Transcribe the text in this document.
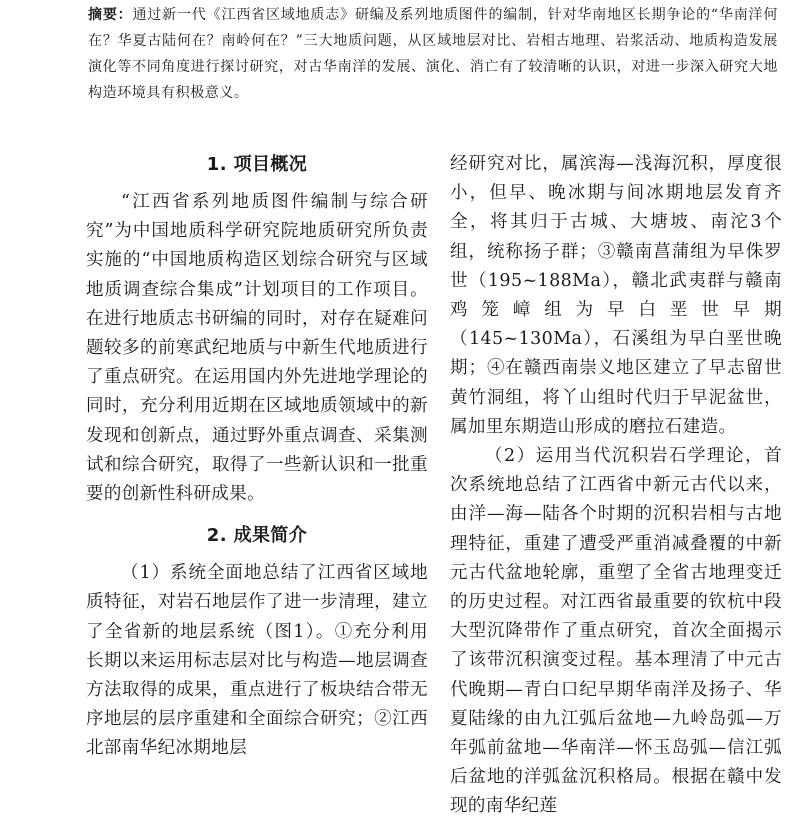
摘要：通过新一代《江西省区域地质志》研编及系列地质图件的编制，针对华南地区长期争论的“华南洋何在？华夏古陆何在？南岭何在？”三大地质问题，从区域地层对比、岩相古地理、岩浆活动、地质构造发展演化等不同角度进行探讨研究，对古华南洋的发展、演化、消亡有了较清晰的认识，对进一步深入研究大地构造环境具有积极意义。
1. 项目概况

“江西省系列地质图件编制与综合研究”为中国地质科学研究院地质研究所负责实施的“中国地质构造区划综合研究与区域地质调查综合集成”计划项目的工作项目。在进行地质志书研编的同时，对存在疑难问题较多的前寒武纪地质与中新生代地质进行了重点研究。在运用国内外先进地学理论的同时，充分利用近期在区域地质领域中的新发现和创新点，通过野外重点调查、采集测试和综合研究，取得了一些新认识和一批重要的创新性科研成果。

2. 成果简介

（1）系统全面地总结了江西省区域地质特征，对岩石地层作了进一步清理，建立了全省新的地层系统（图1）。①充分利用长期以来运用标志层对比与构造—地层调查方法取得的成果，重点进行了板块结合带无序地层的层序重建和全面综合研究；②江西北部南华纪冰期地层

经研究对比，属滨海—浅海沉积，厚度很小，但早、晚冰期与间冰期地层发育齐全，将其归于古城、大塘坡、南沱3个组，统称扬子群；③赣南菖蒲组为早侏罗世（195~188Ma），赣北武夷群与赣南鸡笼嶂组为早白垩世早期（145~130Ma），石溪组为早白垩世晚期；④在赣西南崇义地区建立了早志留世黄竹洞组，将丫山组时代归于早泥盆世，属加里东期造山形成的磨拉石建造。

（2）运用当代沉积岩石学理论，首次系统地总结了江西省中新元古代以来，由洋—海—陆各个时期的沉积岩相与古地理特征，重建了遭受严重消减叠覆的中新元古代盆地轮廓，重塑了全省古地理变迁的历史过程。对江西省最重要的钦杭中段大型沉降带作了重点研究，首次全面揭示了该带沉积演变过程。基本理清了中元古代晚期—青白口纪早期华南洋及扬子、华夏陆缘的由九江弧后盆地—九岭岛弧—万年弧前盆地—华南洋—怀玉岛弧—信江弧后盆地的洋弧盆沉积格局。根据在赣中发现的南华纪莲
